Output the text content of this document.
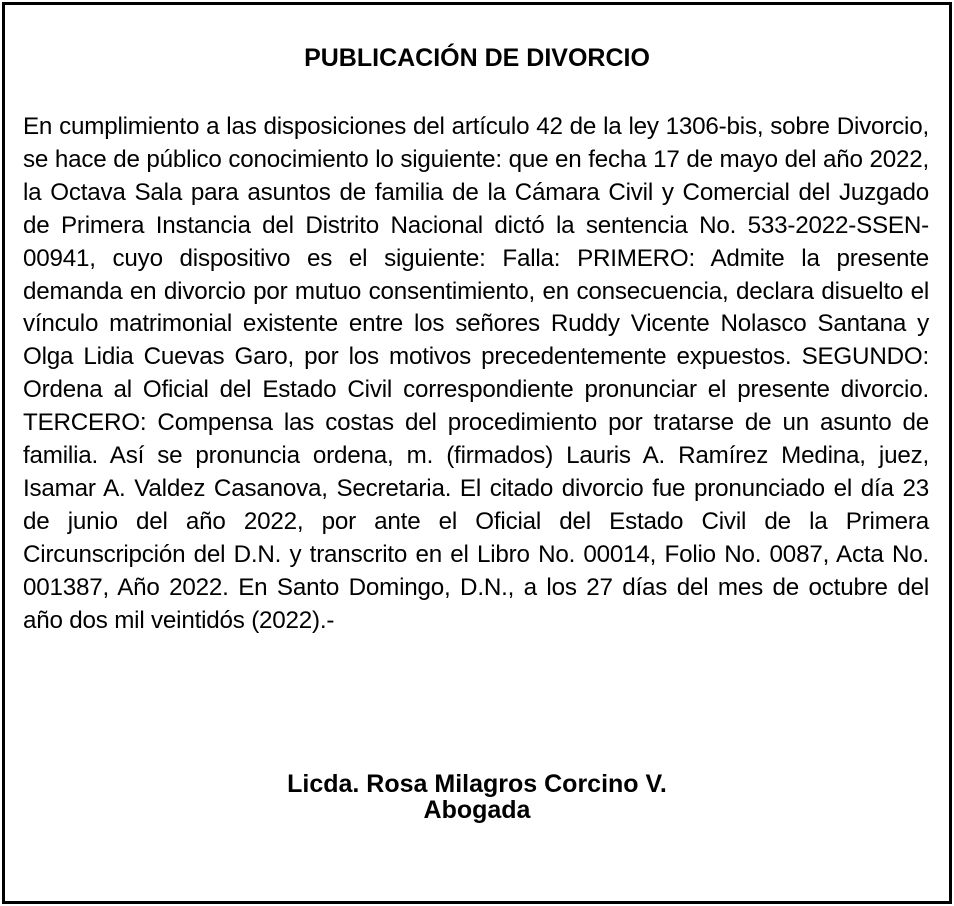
PUBLICACIÓN DE DIVORCIO

En cumplimiento a las disposiciones del artículo 42 de la ley 1306-bis, sobre Divorcio, se hace de público conocimiento lo siguiente: que en fecha 17 de mayo del año 2022, la Octava Sala para asuntos de familia de la Cámara Civil y Comercial del Juzgado de Primera Instancia del Distrito Nacional dictó la sentencia No. 533-2022-SSEN-00941, cuyo dispositivo es el siguiente: Falla: PRIMERO: Admite la presente demanda en divorcio por mutuo consentimiento, en consecuencia, declara disuelto el vínculo matrimonial existente entre los señores Ruddy Vicente Nolasco Santana y Olga Lidia Cuevas Garo, por los motivos precedentemente expuestos. SEGUNDO: Ordena al Oficial del Estado Civil correspondiente pronunciar el presente divorcio. TERCERO: Compensa las costas del procedimiento por tratarse de un asunto de familia. Así se pronuncia ordena, m. (firmados) Lauris A. Ramírez Medina, juez, Isamar A. Valdez Casanova, Secretaria. El citado divorcio fue pronunciado el día 23 de junio del año 2022, por ante el Oficial del Estado Civil de la Primera Circunscripción del D.N. y transcrito en el Libro No. 00014, Folio No. 0087, Acta No. 001387, Año 2022. En Santo Domingo, D.N., a los 27 días del mes de octubre del año dos mil veintidós (2022).-

Licda. Rosa Milagros Corcino V.
Abogada
